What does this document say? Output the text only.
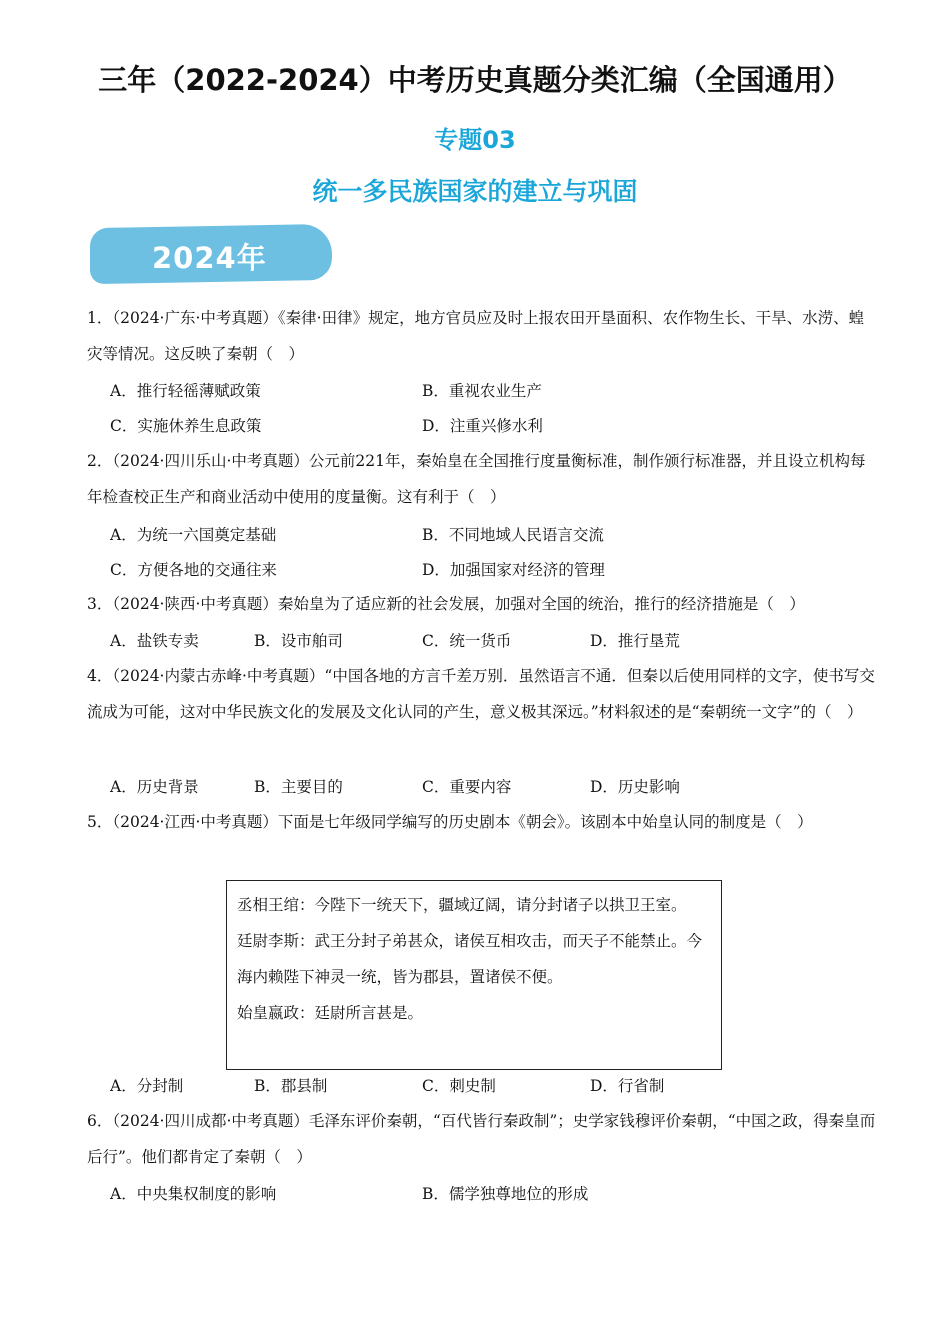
三年（2022-2024）中考历史真题分类汇编（全国通用）
专题03
统一多民族国家的建立与巩固
2024年
1．（2024·广东·中考真题）《秦律·田律》规定，地方官员应及时上报农田开垦面积、农作物生长、干旱、水涝、蝗灾等情况。这反映了秦朝（　）
A．推行轻徭薄赋政策	B．重视农业生产
C．实施休养生息政策	D．注重兴修水利
2．（2024·四川乐山·中考真题）公元前221年，秦始皇在全国推行度量衡标准，制作颁行标准器，并且设立机构每年检查校正生产和商业活动中使用的度量衡。这有利于（　）
A．为统一六国奠定基础	B．不同地域人民语言交流
C．方便各地的交通往来	D．加强国家对经济的管理
3．（2024·陕西·中考真题）秦始皇为了适应新的社会发展，加强对全国的统治，推行的经济措施是（　）
A．盐铁专卖	B．设市舶司	C．统一货币	D．推行垦荒
4．（2024·内蒙古赤峰·中考真题）“中国各地的方言千差万别．虽然语言不通．但秦以后使用同样的文字，使书写交流成为可能，这对中华民族文化的发展及文化认同的产生，意义极其深远。”材料叙述的是“秦朝统一文字”的（　）
A．历史背景	B．主要目的	C．重要内容	D．历史影响
5．（2024·江西·中考真题）下面是七年级同学编写的历史剧本《朝会》。该剧本中始皇认同的制度是（　）
丞相王绾：今陛下一统天下，疆域辽阔，请分封诸子以拱卫王室。
廷尉李斯：武王分封子弟甚众，诸侯互相攻击，而天子不能禁止。今海内赖陛下神灵一统，皆为郡县，置诸侯不便。
始皇嬴政：廷尉所言甚是。
A．分封制	B．郡县制	C．刺史制	D．行省制
6．（2024·四川成都·中考真题）毛泽东评价秦朝，“百代皆行秦政制”；史学家钱穆评价秦朝，“中国之政，得秦皇而后行”。他们都肯定了秦朝（　）
A．中央集权制度的影响	B．儒学独尊地位的形成
